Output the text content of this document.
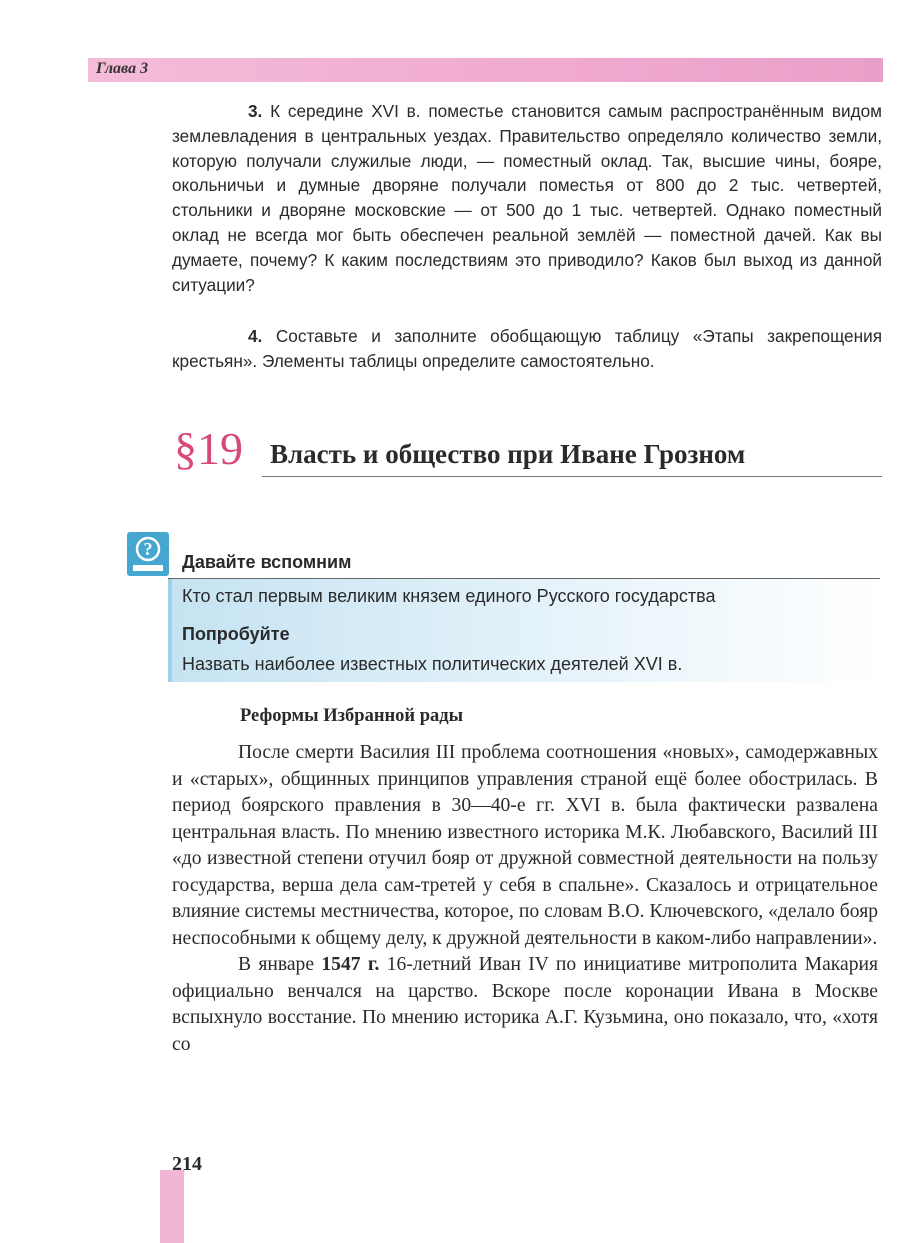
Глава 3

3. К середине XVI в. поместье становится самым распространённым видом землевладения в центральных уездах. Правительство определяло количество земли, которую получали служилые люди, — поместный оклад. Так, высшие чины, бояре, окольничьи и думные дворяне получали поместья от 800 до 2 тыс. четвертей, стольники и дворяне московские — от 500 до 1 тыс. четвертей. Однако поместный оклад не всегда мог быть обеспечен реальной землёй — поместной дачей. Как вы думаете, почему? К каким последствиям это приводило? Каков был выход из данной ситуации?

4. Составьте и заполните обобщающую таблицу «Этапы закрепощения крестьян». Элементы таблицы определите самостоятельно.

§19 Власть и общество при Иване Грозном
?
Давайте вспомним
Кто стал первым великим князем единого Русского государства
Попробуйте
Назвать наиболее известных политических деятелей XVI в.
Реформы Избранной рады

После смерти Василия III проблема соотношения «новых», самодержавных и «старых», общинных принципов управления страной ещё более обострилась. В период боярского правления в 30—40-е гг. XVI в. была фактически развалена центральная власть. По мнению известного историка М.К. Любавского, Василий III «до известной степени отучил бояр от дружной совместной деятельности на пользу государства, верша дела сам-третей у себя в спальне». Сказалось и отрицательное влияние системы местничества, которое, по словам В.О. Ключевского, «делало бояр неспособными к общему делу, к дружной деятельности в каком-либо направлении».

В январе 1547 г. 16-летний Иван IV по инициативе митрополита Макария официально венчался на царство. Вскоре после коронации Ивана в Москве вспыхнуло восстание. По мнению историка А.Г. Кузьмина, оно показало, что, «хотя со

214
